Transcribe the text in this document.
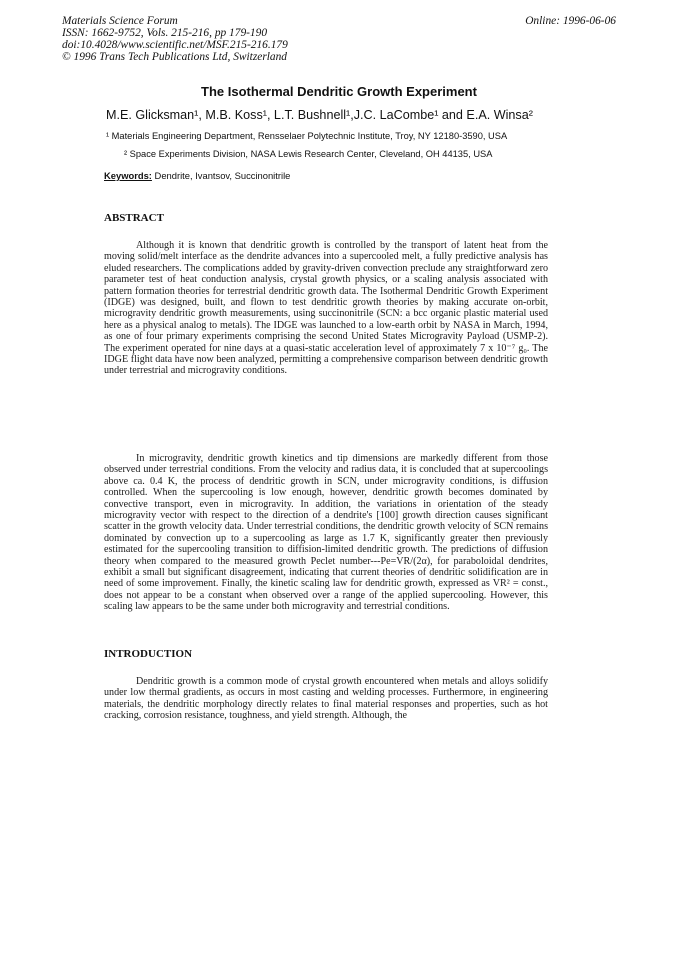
Materials Science Forum
ISSN: 1662-9752, Vols. 215-216, pp 179-190
doi:10.4028/www.scientific.net/MSF.215-216.179
© 1996 Trans Tech Publications Ltd, Switzerland
Online: 1996-06-06
The Isothermal Dendritic Growth Experiment
M.E. Glicksman¹, M.B. Koss¹, L.T. Bushnell¹,J.C. LaCombe¹ and E.A. Winsa²
¹ Materials Engineering Department, Rensselaer Polytechnic Institute, Troy, NY 12180-3590, USA
² Space Experiments Division, NASA Lewis Research Center, Cleveland, OH 44135, USA
Keywords: Dendrite, Ivantsov, Succinonitrile
ABSTRACT
Although it is known that dendritic growth is controlled by the transport of latent heat from the moving solid/melt interface as the dendrite advances into a supercooled melt, a fully predictive analysis has eluded researchers. The complications added by gravity-driven convection preclude any straightforward zero parameter test of heat conduction analysis, crystal growth physics, or a scaling analysis associated with pattern formation theories for terrestrial dendritic growth data. The Isothermal Dendritic Growth Experiment (IDGE) was designed, built, and flown to test dendritic growth theories by making accurate on-orbit, microgravity dendritic growth measurements, using succinonitrile (SCN: a bcc organic plastic material used here as a physical analog to metals). The IDGE was launched to a low-earth orbit by NASA in March, 1994, as one of four primary experiments comprising the second United States Microgravity Payload (USMP-2). The experiment operated for nine days at a quasi-static acceleration level of approximately 7 x 10⁻⁷ g₀. The IDGE flight data have now been analyzed, permitting a comprehensive comparison between dendritic growth under terrestrial and microgravity conditions.
In microgravity, dendritic growth kinetics and tip dimensions are markedly different from those observed under terrestrial conditions. From the velocity and radius data, it is concluded that at supercoolings above ca. 0.4 K, the process of dendritic growth in SCN, under microgravity conditions, is diffusion controlled. When the supercooling is low enough, however, dendritic growth becomes dominated by convective transport, even in microgravity. In addition, the variations in orientation of the steady microgravity vector with respect to the direction of a dendrite's [100] growth direction causes significant scatter in the growth velocity data. Under terrestrial conditions, the dendritic growth velocity of SCN remains dominated by convection up to a supercooling as large as 1.7 K, significantly greater then previously estimated for the supercooling transition to diffision-limited dendritic growth. The predictions of diffusion theory when compared to the measured growth Peclet number---Pe=VR/(2α), for paraboloidal dendrites, exhibit a small but significant disagreement, indicating that current theories of dendritic solidification are in need of some improvement. Finally, the kinetic scaling law for dendritic growth, expressed as VR² = const., does not appear to be a constant when observed over a range of the applied supercooling. However, this scaling law appears to be the same under both microgravity and terrestrial conditions.
INTRODUCTION
Dendritic growth is a common mode of crystal growth encountered when metals and alloys solidify under low thermal gradients, as occurs in most casting and welding processes. Furthermore, in engineering materials, the dendritic morphology directly relates to final material responses and properties, such as hot cracking, corrosion resistance, toughness, and yield strength. Although, the
